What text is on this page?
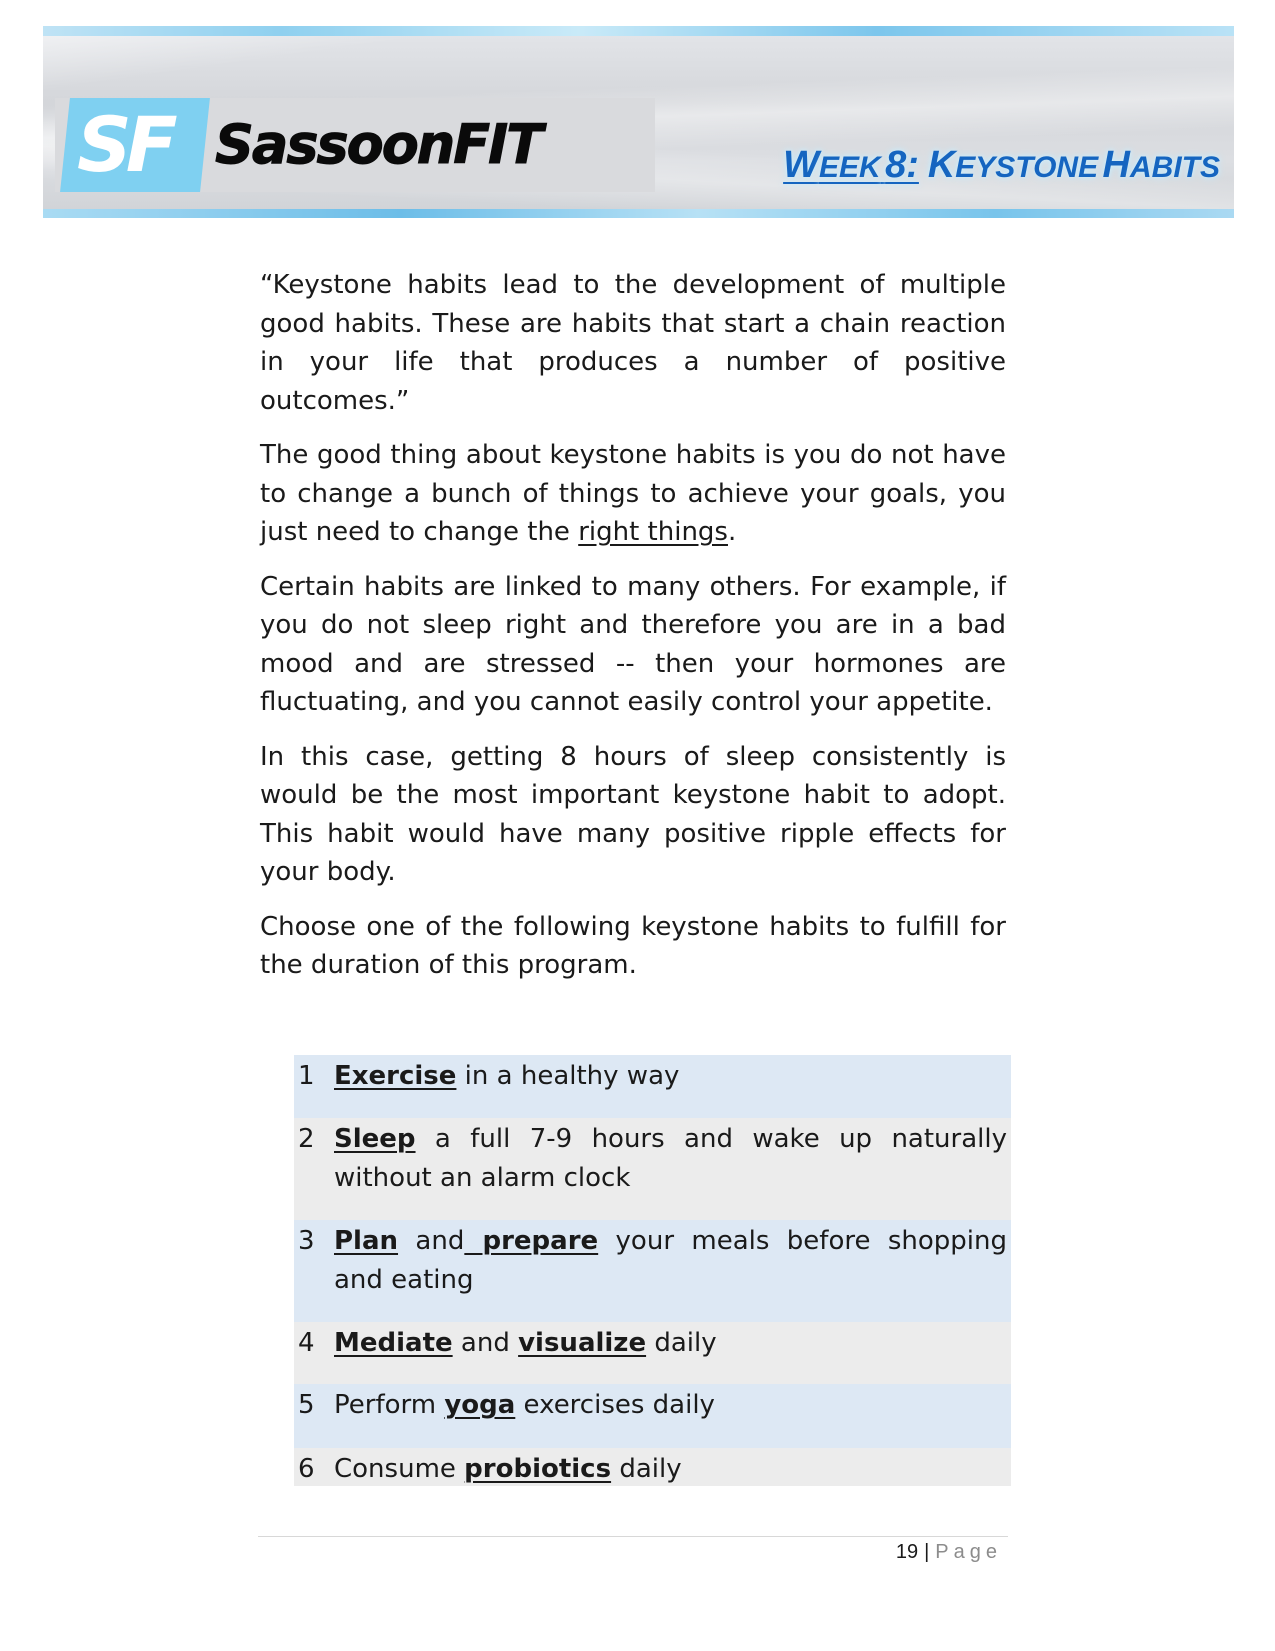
SF SassoonFIT	WEEK 8: KEYSTONE HABITS

“Keystone habits lead to the development of multiple good habits. These are habits that start a chain reaction in your life that produces a number of positive outcomes.”

The good thing about keystone habits is you do not have to change a bunch of things to achieve your goals, you just need to change the right things.

Certain habits are linked to many others. For example, if you do not sleep right and therefore you are in a bad mood and are stressed -- then your hormones are fluctuating, and you cannot easily control your appetite.

In this case, getting 8 hours of sleep consistently is would be the most important keystone habit to adopt. This habit would have many positive ripple effects for your body.

Choose one of the following keystone habits to fulfill for the duration of this program.

1 Exercise in a healthy way
2 Sleep a full 7-9 hours and wake up naturally without an alarm clock
3 Plan and prepare your meals before shopping and eating
4 Mediate and visualize daily
5 Perform yoga exercises daily
6 Consume probiotics daily
19 | Page
